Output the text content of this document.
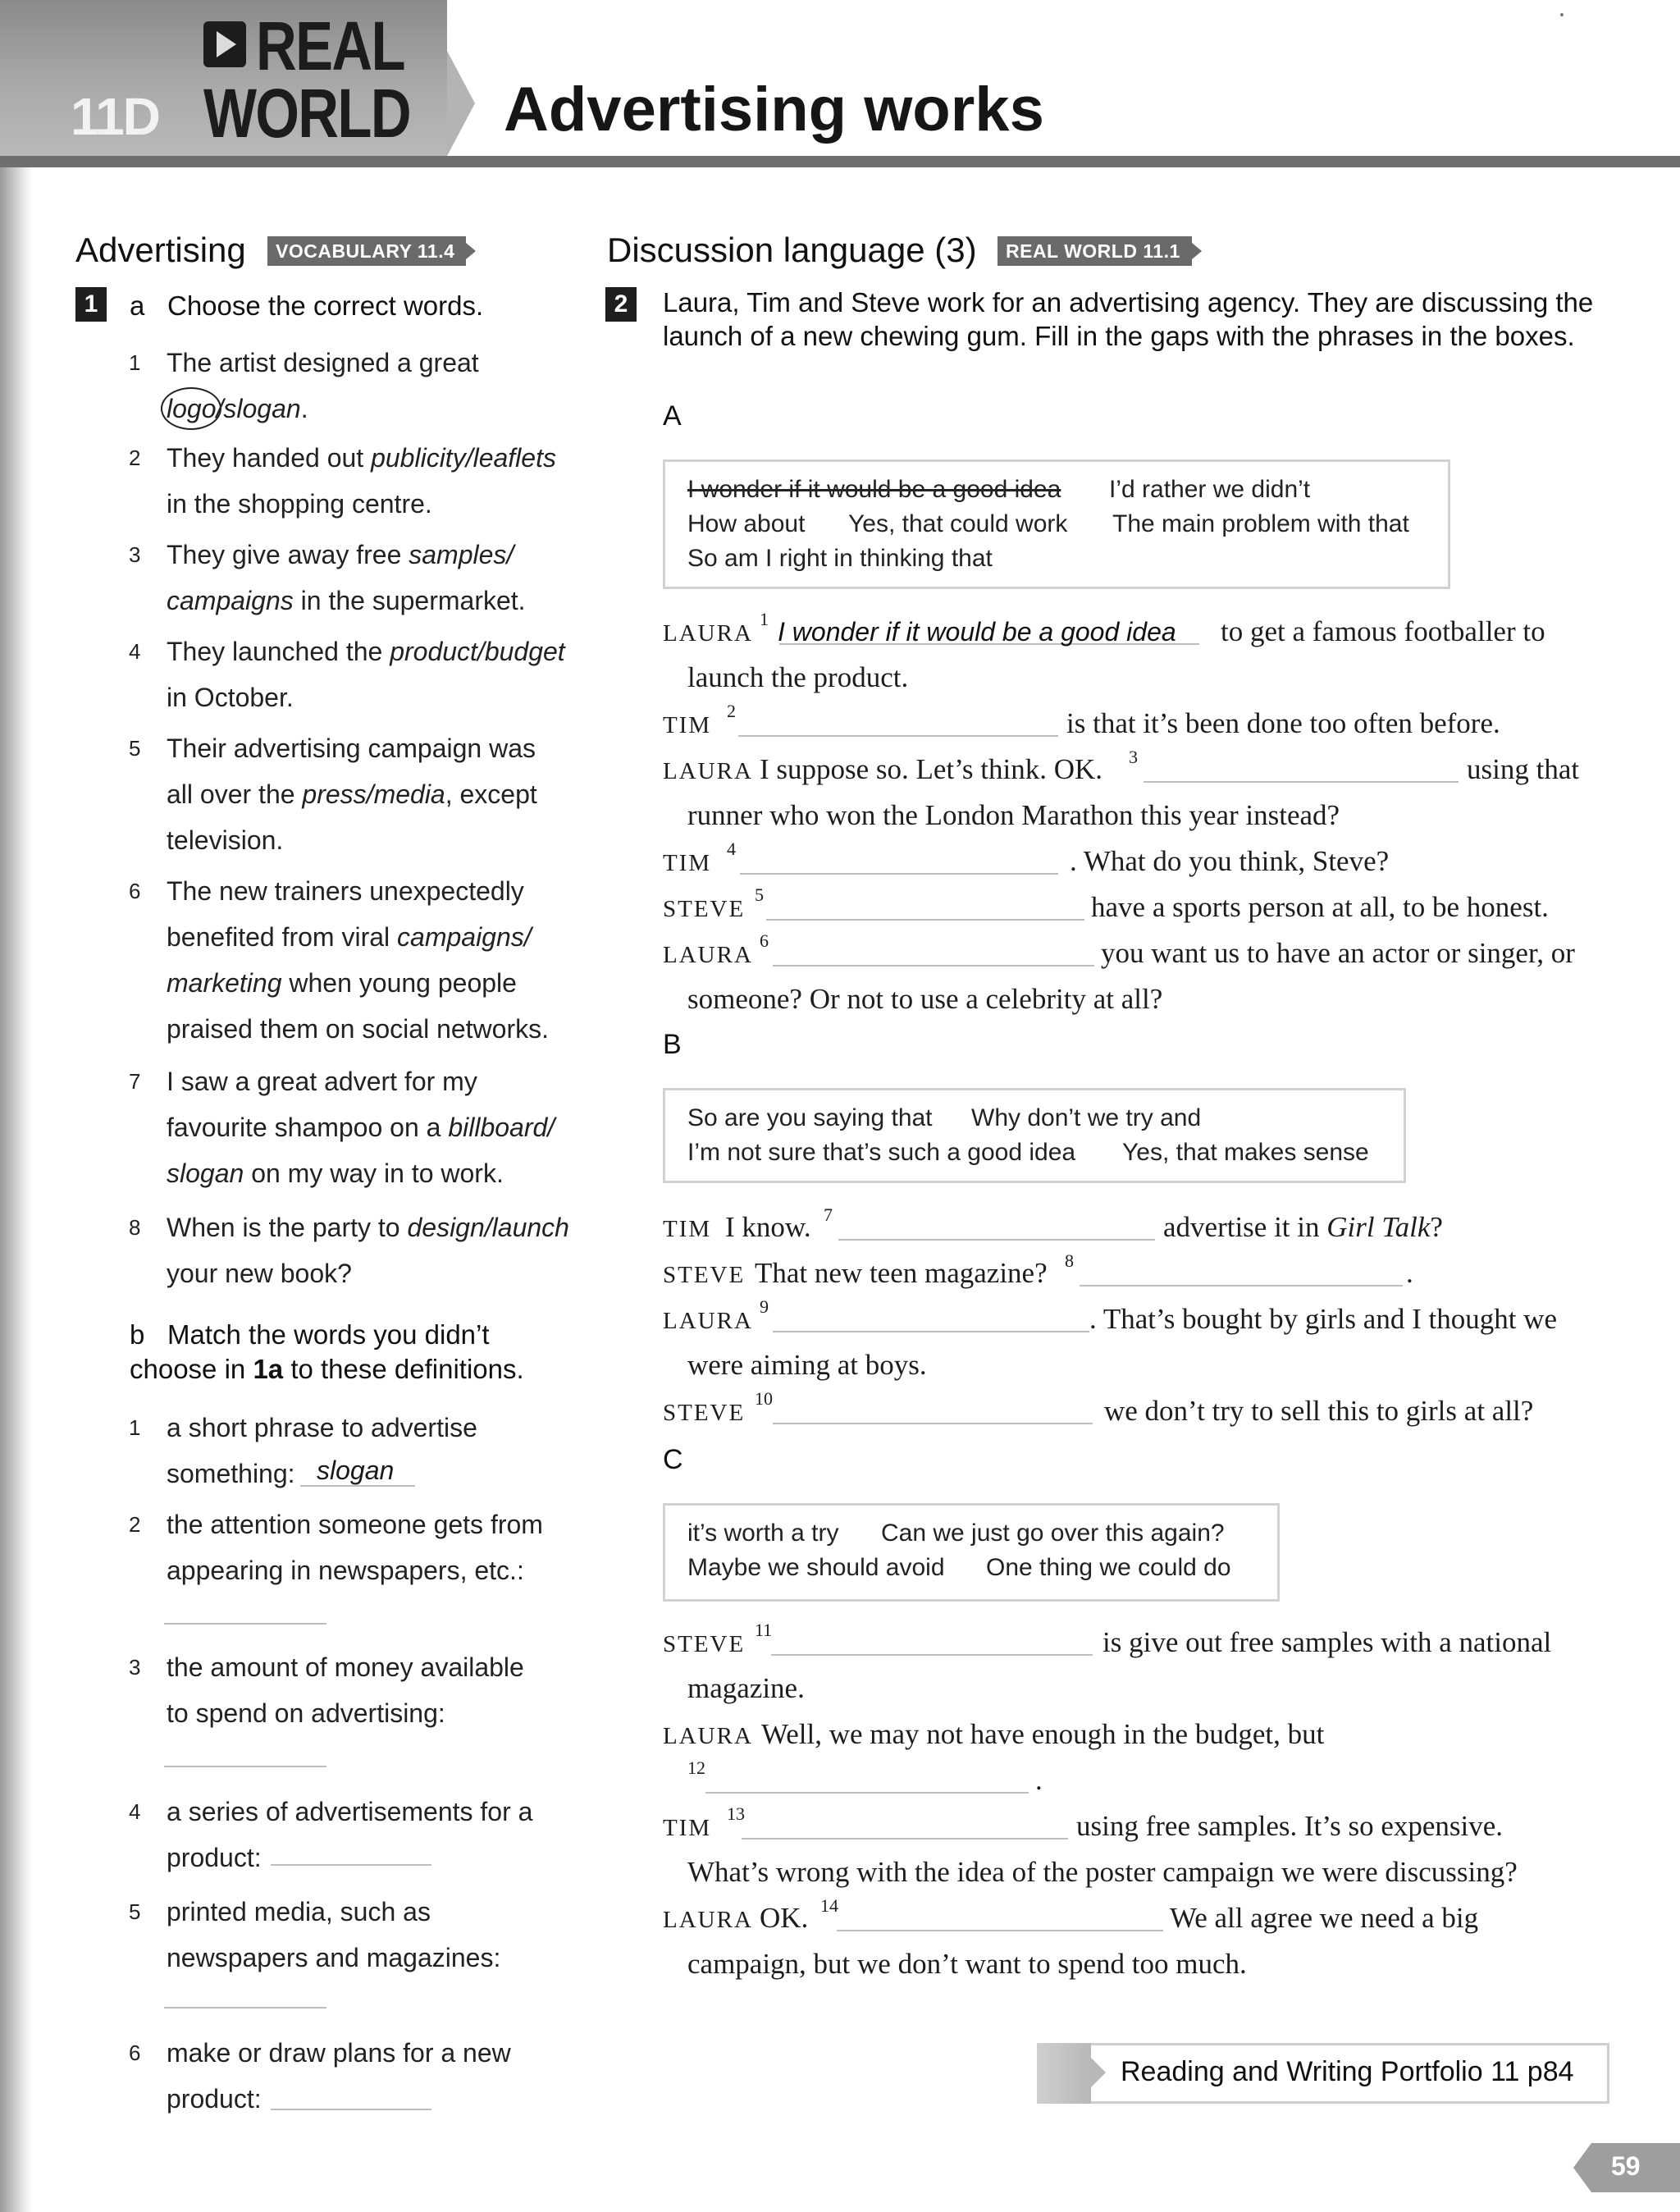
REAL
WORLD
11D	Advertising works
Advertising	VOCABULARY 11.4
1	a Choose the correct words.
1 The artist designed a great
logo/slogan.
2 They handed out publicity/leaflets
in the shopping centre.
3 They give away free samples/
campaigns in the supermarket.
4 They launched the product/budget
in October.
5 Their advertising campaign was
all over the press/media, except
television.
6 The new trainers unexpectedly
benefited from viral campaigns/
marketing when young people
praised them on social networks.
7 I saw a great advert for my
favourite shampoo on a billboard/
slogan on my way in to work.
8 When is the party to design/launch
your new book?
b Match the words you didn’t
choose in 1a to these definitions.
1 a short phrase to advertise
something:
2 the attention someone gets from
appearing in newspapers, etc.:
3 the amount of money available
to spend on advertising:
4 a series of advertisements for a
product:
5 printed media, such as
newspapers and magazines:
6 make or draw plans for a new
product:
slogan
Discussion language (3)	REAL WORLD 11.1
2	Laura, Tim and Steve work for an advertising agency. They are discussing the launch of a new chewing gum. Fill in the gaps with the phrases in the boxes.
A
I wonder if it would be a good idea I’d rather we didn’t
How about Yes, that could work The main problem with that
So am I right in thinking that
B
So are you saying that Why don’t we try and
I’m not sure that’s such a good idea Yes, that makes sense
C
it’s worth a try Can we just go over this again?
Maybe we should avoid One thing we could do
LAURA
1 I wonder if it would be a good idea to get a famous footballer to
launch the product.
TIM
2	is that it’s been done too often before.
LAURA I suppose so. Let’s think. OK. 3	using that
runner who won the London Marathon this year instead?
TIM
4	. What do you think, Steve?
STEVE
5	have a sports person at all, to be honest.
LAURA
6	you want us to have an actor or singer, or
someone? Or not to use a celebrity at all?
TIM I know. 7	advertise it in Girl Talk?
STEVE That new teen magazine? 8	.
LAURA
9	. That’s bought by girls and I thought we
were aiming at boys.
STEVE
10	we don’t try to sell this to girls at all?
STEVE
11	is give out free samples with a national
magazine.
LAURA Well, we may not have enough in the budget, but
12	.
TIM
13	using free samples. It’s so expensive.
What’s wrong with the idea of the poster campaign we were discussing?
LAURA OK. 14	We all agree we need a big
campaign, but we don’t want to spend too much.
Reading and Writing Portfolio 11 p84
59
